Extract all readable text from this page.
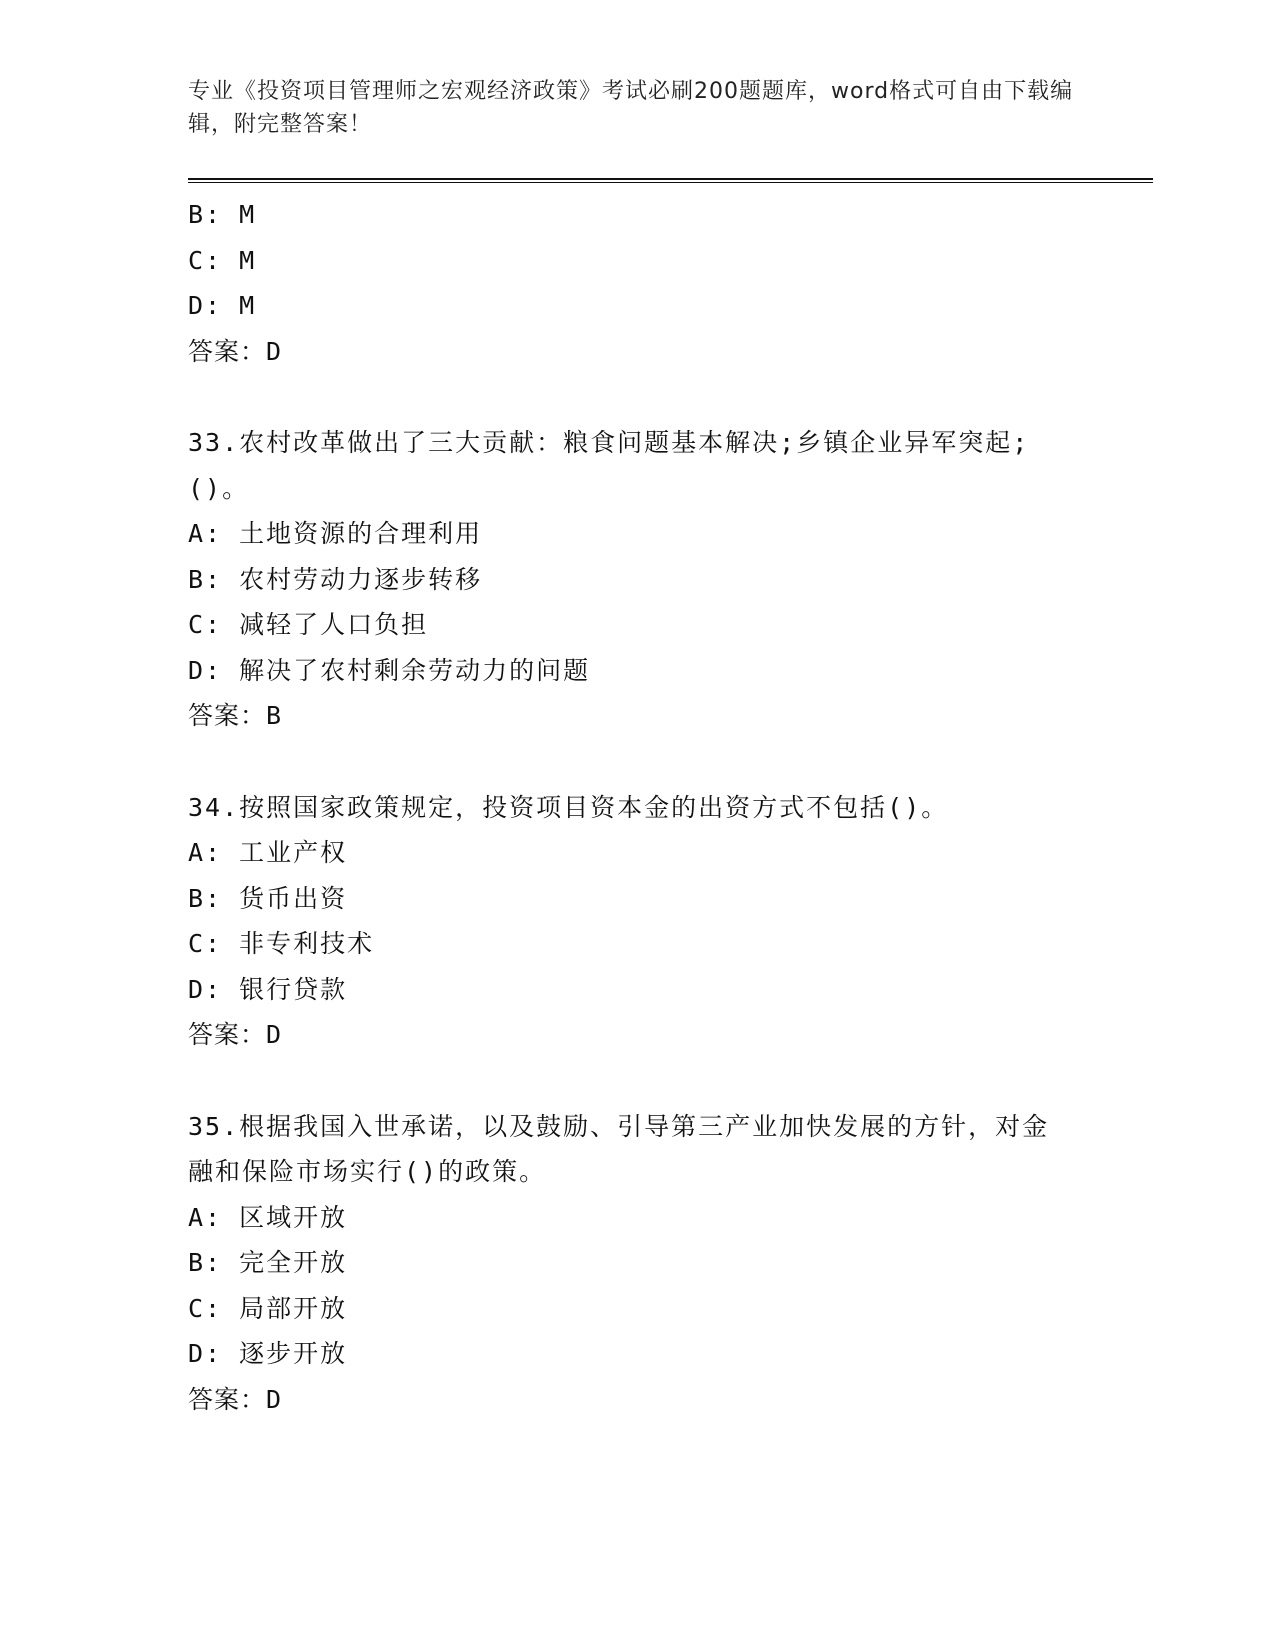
专业《投资项目管理师之宏观经济政策》考试必刷200题题库，word格式可自由下载编辑，附完整答案！
B: M
C: M
D: M
答案：D
33.农村改革做出了三大贡献：粮食问题基本解决;乡镇企业异军突起;()。
A: 土地资源的合理利用
B: 农村劳动力逐步转移
C: 减轻了人口负担
D: 解决了农村剩余劳动力的问题
答案：B
34.按照国家政策规定，投资项目资本金的出资方式不包括()。
A: 工业产权
B: 货币出资
C: 非专利技术
D: 银行贷款
答案：D
35.根据我国入世承诺，以及鼓励、引导第三产业加快发展的方针，对金融和保险市场实行()的政策。
A: 区域开放
B: 完全开放
C: 局部开放
D: 逐步开放
答案：D
